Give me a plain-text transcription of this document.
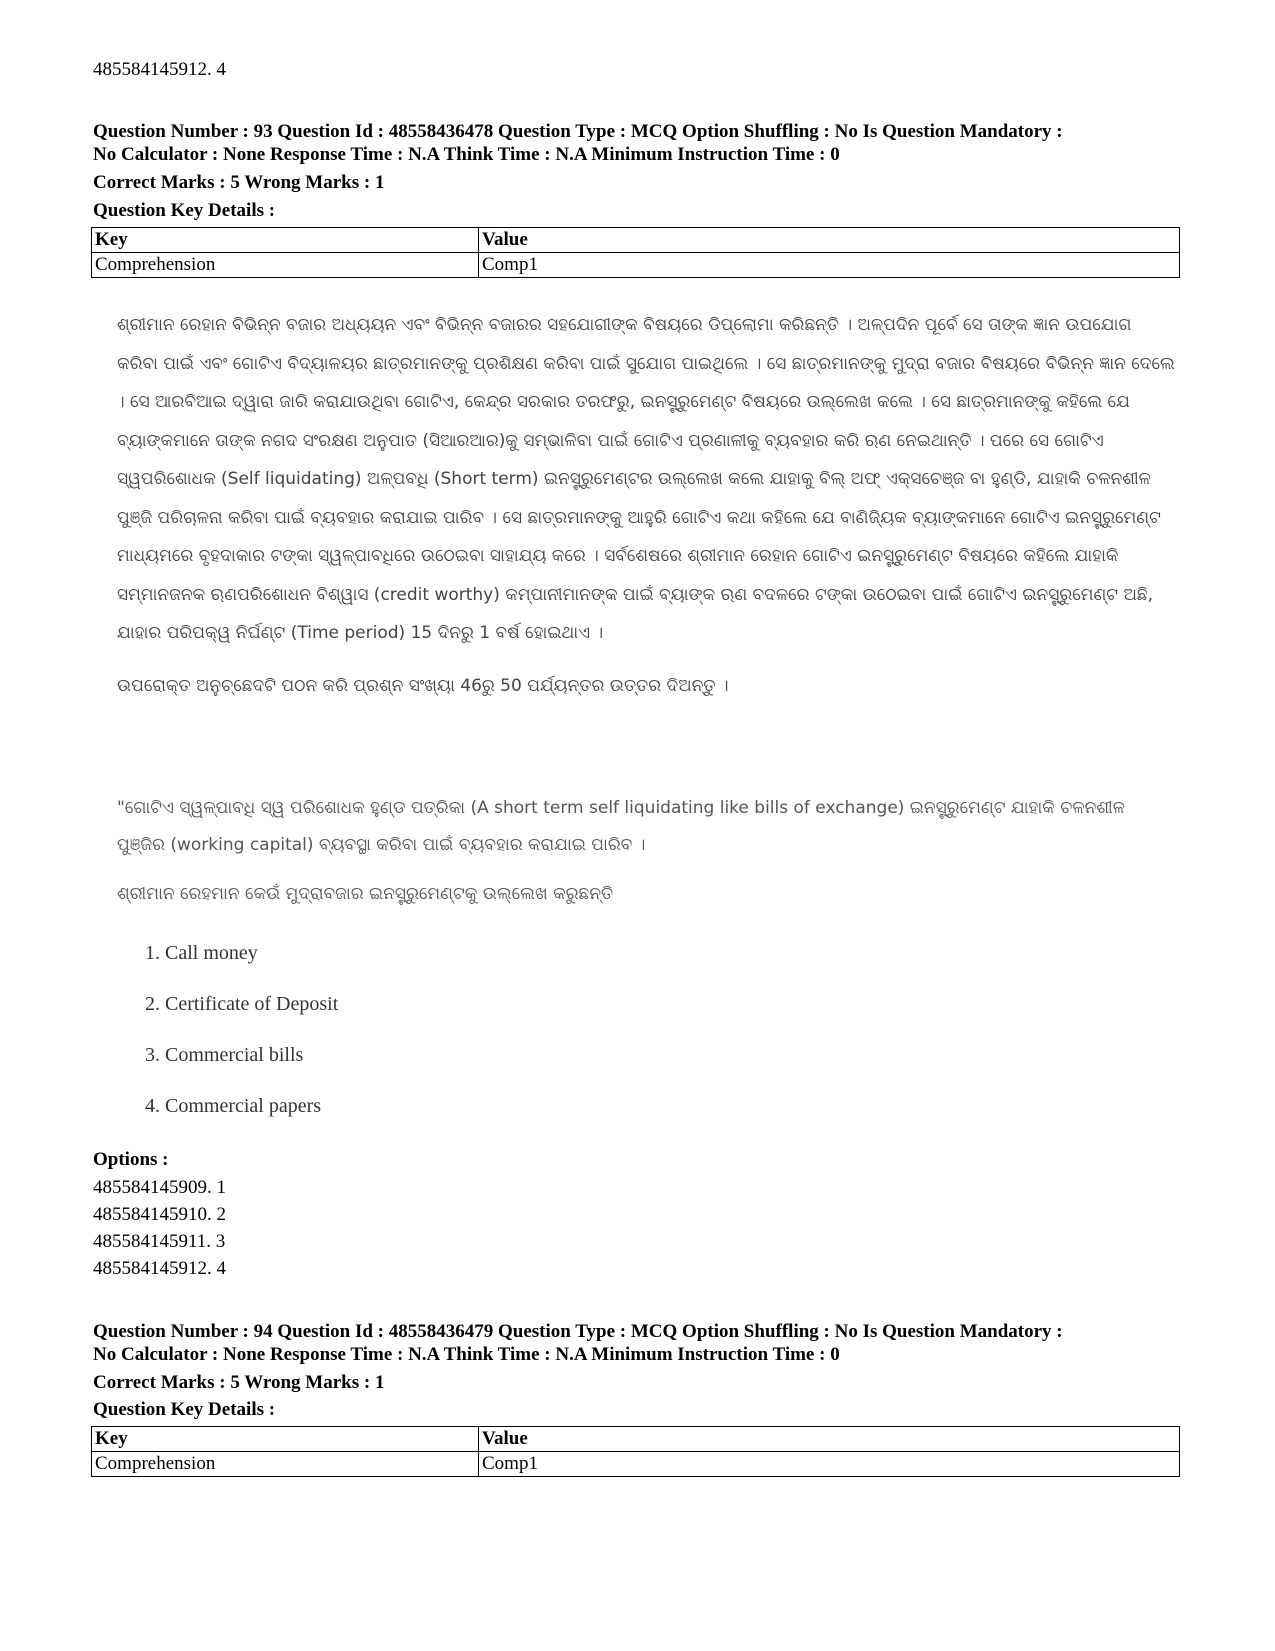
485584145912. 4
Question Number : 93 Question Id : 48558436478 Question Type : MCQ Option Shuffling : No Is Question Mandatory :
No Calculator : None Response Time : N.A Think Time : N.A Minimum Instruction Time : 0
Correct Marks : 5 Wrong Marks : 1
Question Key Details :
Key	Value
Comprehension	Comp1

ଶ୍ରୀମାନ ରେହାନ ବିଭିନ୍ନ ବଜାର ଅଧ୍ୟୟନ ଏବଂ ବିଭିନ୍ନ ବଜାରର ସହଯୋଗୀଙ୍କ ବିଷୟରେ ଡିପ୍ଲୋମା କରିଛନ୍ତି । ଅଳ୍ପଦିନ ପୂର୍ବେ ସେ ତାଙ୍କ ଜ୍ଞାନ ଉପଯୋଗ କରିବା ପାଇଁ ଏବଂ ଗୋଟିଏ ବିଦ୍ୟାଳୟର ଛାତ୍ରମାନଙ୍କୁ ପ୍ରଶିକ୍ଷଣ କରିବା ପାଇଁ ସୁଯୋଗ ପାଇଥିଲେ । ସେ ଛାତ୍ରମାନଙ୍କୁ ମୁଦ୍ରା ବଜାର ବିଷୟରେ ବିଭିନ୍ନ ଜ୍ଞାନ ଦେଲେ । ସେ ଆରବିଆଇ ଦ୍ୱାରା ଜାରି କରାଯାଉଥିବା ଗୋଟିଏ, କେନ୍ଦ୍ର ସରକାର ତରଫରୁ, ଇନସ୍ଟ୍ରୁମେଣ୍ଟ ବିଷୟରେ ଉଲ୍ଲେଖ କଲେ । ସେ ଛାତ୍ରମାନଙ୍କୁ କହିଲେ ଯେ ବ୍ୟାଙ୍କମାନେ ତାଙ୍କ ନଗଦ ସଂରକ୍ଷଣ ଅନୁପାତ (ସିଆରଆର)କୁ ସମ୍ଭାଳିବା ପାଇଁ ଗୋଟିଏ ପ୍ରଣାଳୀକୁ ବ୍ୟବହାର କରି ଋଣ ନେଇଥାନ୍ତି । ପରେ ସେ ଗୋଟିଏ ସ୍ୱପରିଶୋଧକ (Self liquidating) ଅଳ୍ପବଧି (Short term) ଇନସ୍ଟ୍ରୁମେଣ୍ଟର ଉଲ୍ଲେଖ କଲେ ଯାହାକୁ ବିଲ୍ ଅଫ୍ ଏକ୍ସଚେଞ୍ଜ ବା ହୁଣ୍ଡି, ଯାହାକି ଚଳନଶୀଳ ପୁଞ୍ଜି ପରିଚାଳନା କରିବା ପାଇଁ ବ୍ୟବହାର କରାଯାଇ ପାରିବ । ସେ ଛାତ୍ରମାନଙ୍କୁ ଆହୁରି ଗୋଟିଏ କଥା କହିଲେ ଯେ ବାଣିଜ୍ୟିକ ବ୍ୟାଙ୍କମାନେ ଗୋଟିଏ ଇନସ୍ଟ୍ରୁମେଣ୍ଟ ମାଧ୍ୟମରେ ବୃହଦାକାର ଟଙ୍କା ସ୍ୱଳ୍ପାବଧିରେ ଉଠେଇବା ସାହାଯ୍ୟ କରେ । ସର୍ବଶେଷରେ ଶ୍ରୀମାନ ରେହାନ ଗୋଟିଏ ଇନସ୍ଟ୍ରୁମେଣ୍ଟ ବିଷୟରେ କହିଲେ ଯାହାକି ସମ୍ମାନଜନକ ଋଣପରିଶୋଧନ ବିଶ୍ୱାସ (credit worthy) କମ୍ପାନୀମାନଙ୍କ ପାଇଁ ବ୍ୟାଙ୍କ ଋଣ ବଦଳରେ ଟଙ୍କା ଉଠେଇବା ପାଇଁ ଗୋଟିଏ ଇନସ୍ଟ୍ରୁମେଣ୍ଟ ଅଛି, ଯାହାର ପରିପକ୍ୱ ନିର୍ଘଣ୍ଟ (Time period) 15 ଦିନରୁ 1 ବର୍ଷ ହୋଇଥାଏ ।

ଉପରୋକ୍ତ ଅନୁଚ୍ଛେଦଟି ପଠନ କରି ପ୍ରଶ୍ନ ସଂଖ୍ୟା 46ରୁ 50 ପର୍ଯ୍ୟନ୍ତର ଉତ୍ତର ଦିଅନ୍ତୁ ।

"ଗୋଟିଏ ସ୍ୱଳ୍ପାବଧି ସ୍ୱ ପରିଶୋଧକ ହୁଣ୍ଡ ପତ୍ରିକା (A short term self liquidating like bills of exchange) ଇନସ୍ଟ୍ରୁମେଣ୍ଟ ଯାହାକି ଚଳନଶୀଳ ପୁଞ୍ଜିର (working capital) ବ୍ୟବସ୍ଥା କରିବା ପାଇଁ ବ୍ୟବହାର କରାଯାଇ ପାରିବ ।
ଶ୍ରୀମାନ ରେହମାନ କେଉଁ ମୁଦ୍ରାବଜାର ଇନସ୍ଟ୍ରୁମେଣ୍ଟକୁ ଉଲ୍ଲେଖ କରୁଛନ୍ତି
1. Call money
2. Certificate of Deposit
3. Commercial bills
4. Commercial papers
Options :
485584145909. 1
485584145910. 2
485584145911. 3
485584145912. 4
Question Number : 94 Question Id : 48558436479 Question Type : MCQ Option Shuffling : No Is Question Mandatory :
No Calculator : None Response Time : N.A Think Time : N.A Minimum Instruction Time : 0
Correct Marks : 5 Wrong Marks : 1
Question Key Details :
Key	Value
Comprehension	Comp1
